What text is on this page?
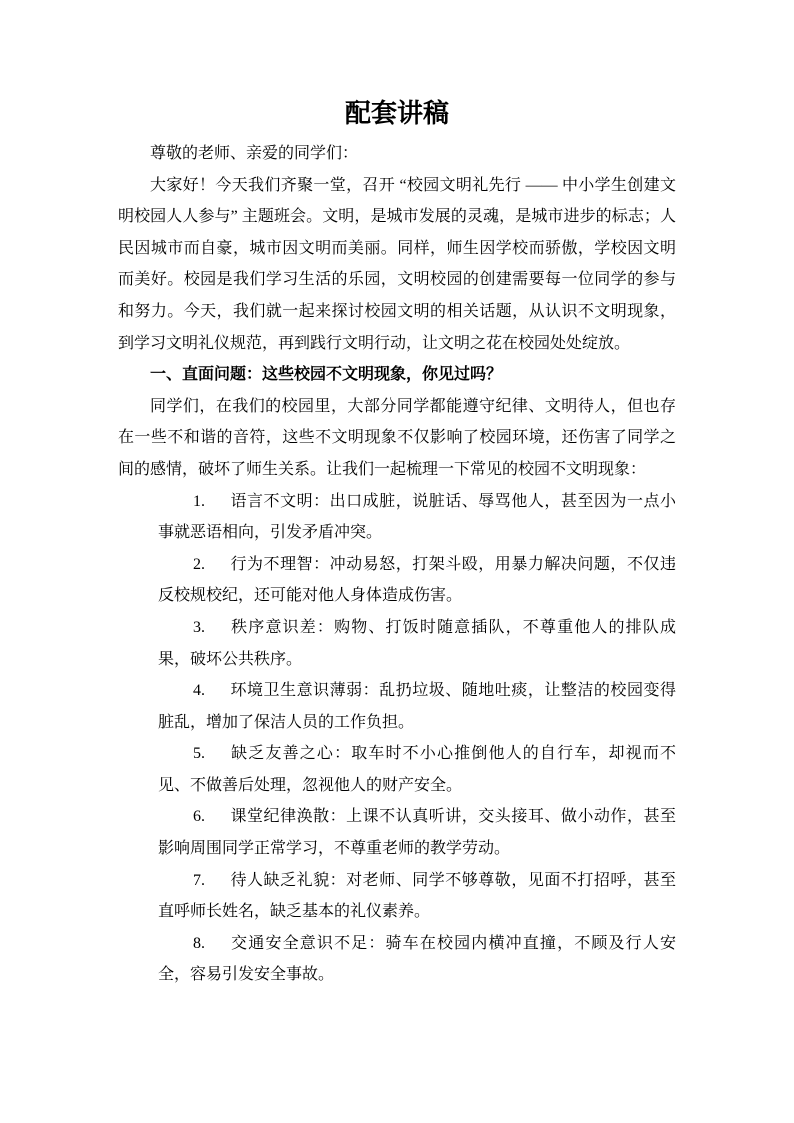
配套讲稿

尊敬的老师、亲爱的同学们：

大家好！今天我们齐聚一堂，召开 “校园文明礼先行 —— 中小学生创建文明校园人人参与” 主题班会。文明，是城市发展的灵魂，是城市进步的标志；人民因城市而自豪，城市因文明而美丽。同样，师生因学校而骄傲，学校因文明而美好。校园是我们学习生活的乐园，文明校园的创建需要每一位同学的参与和努力。今天，我们就一起来探讨校园文明的相关话题，从认识不文明现象，到学习文明礼仪规范，再到践行文明行动，让文明之花在校园处处绽放。

一、直面问题：这些校园不文明现象，你见过吗？

同学们，在我们的校园里，大部分同学都能遵守纪律、文明待人，但也存在一些不和谐的音符，这些不文明现象不仅影响了校园环境，还伤害了同学之间的感情，破坏了师生关系。让我们一起梳理一下常见的校园不文明现象：

1. 语言不文明：出口成脏，说脏话、辱骂他人，甚至因为一点小事就恶语相向，引发矛盾冲突。
2. 行为不理智：冲动易怒，打架斗殴，用暴力解决问题，不仅违反校规校纪，还可能对他人身体造成伤害。
3. 秩序意识差：购物、打饭时随意插队，不尊重他人的排队成果，破坏公共秩序。
4. 环境卫生意识薄弱：乱扔垃圾、随地吐痰，让整洁的校园变得脏乱，增加了保洁人员的工作负担。
5. 缺乏友善之心：取车时不小心推倒他人的自行车，却视而不见、不做善后处理，忽视他人的财产安全。
6. 课堂纪律涣散：上课不认真听讲，交头接耳、做小动作，甚至影响周围同学正常学习，不尊重老师的教学劳动。
7. 待人缺乏礼貌：对老师、同学不够尊敬，见面不打招呼，甚至直呼师长姓名，缺乏基本的礼仪素养。
8. 交通安全意识不足：骑车在校园内横冲直撞，不顾及行人安全，容易引发安全事故。
